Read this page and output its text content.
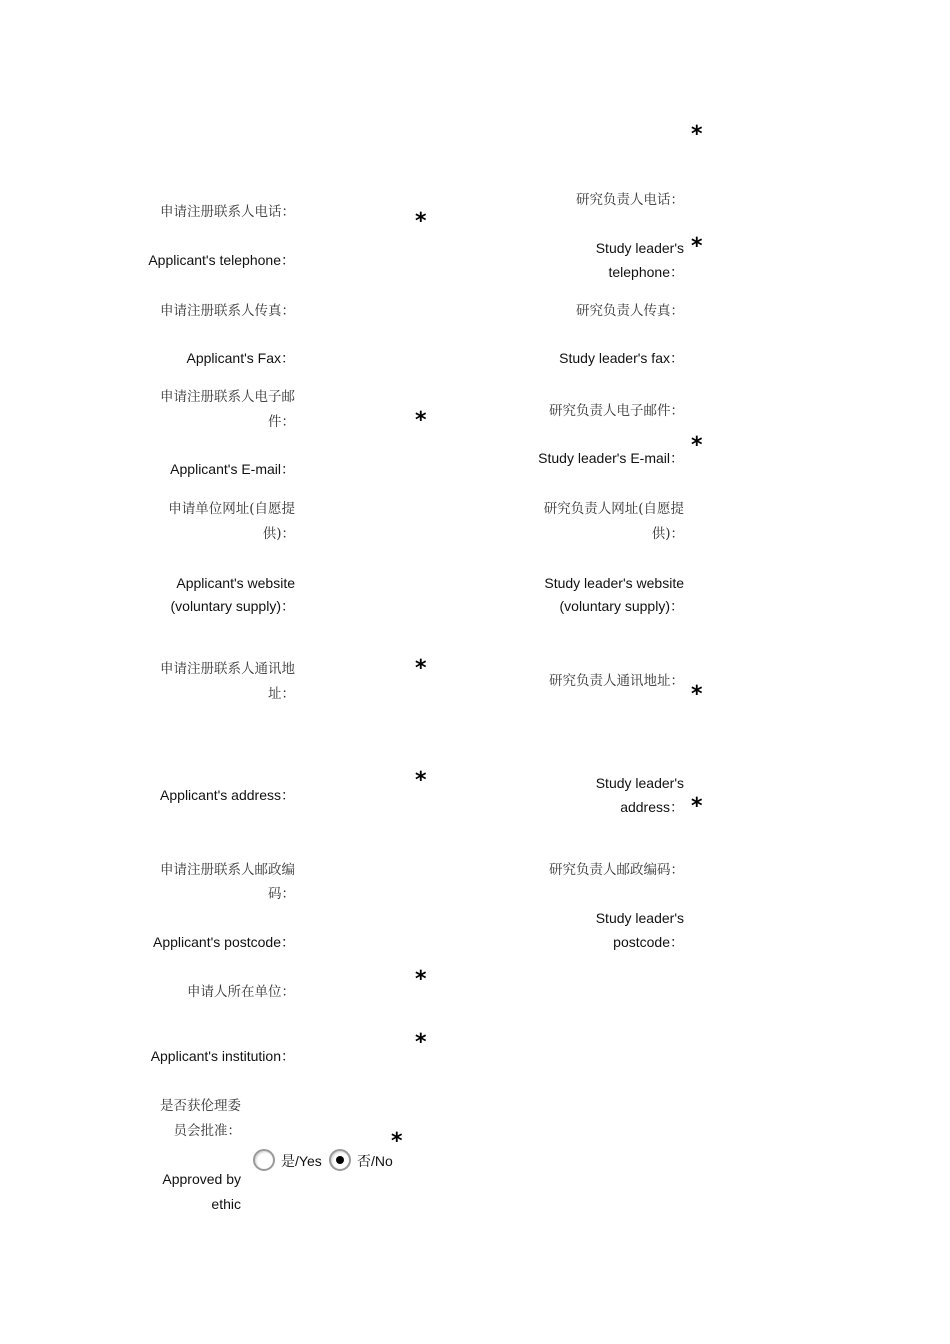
*
*
*
*
*
*
*
*
*
*
*
*
申请注册联系人电话：
Applicant's telephone：
申请注册联系人传真：
Applicant's Fax：
申请注册联系人电子邮
件：
Applicant's E-mail：
申请单位网址(自愿提
供)：
Applicant's website
(voluntary supply)：
申请注册联系人通讯地
址：
Applicant's address：
申请注册联系人邮政编
码：
Applicant's postcode：
申请人所在单位：
Applicant's institution：
研究负责人电话：
Study leader's
telephone：
研究负责人传真：
Study leader's fax：
研究负责人电子邮件：
Study leader's E-mail：
研究负责人网址(自愿提
供)：
Study leader's website
(voluntary supply)：
研究负责人通讯地址：
Study leader's
address：
研究负责人邮政编码：
Study leader's
postcode：
是否获伦理委
员会批准：
Approved by
ethic
是/Yes	否/No
